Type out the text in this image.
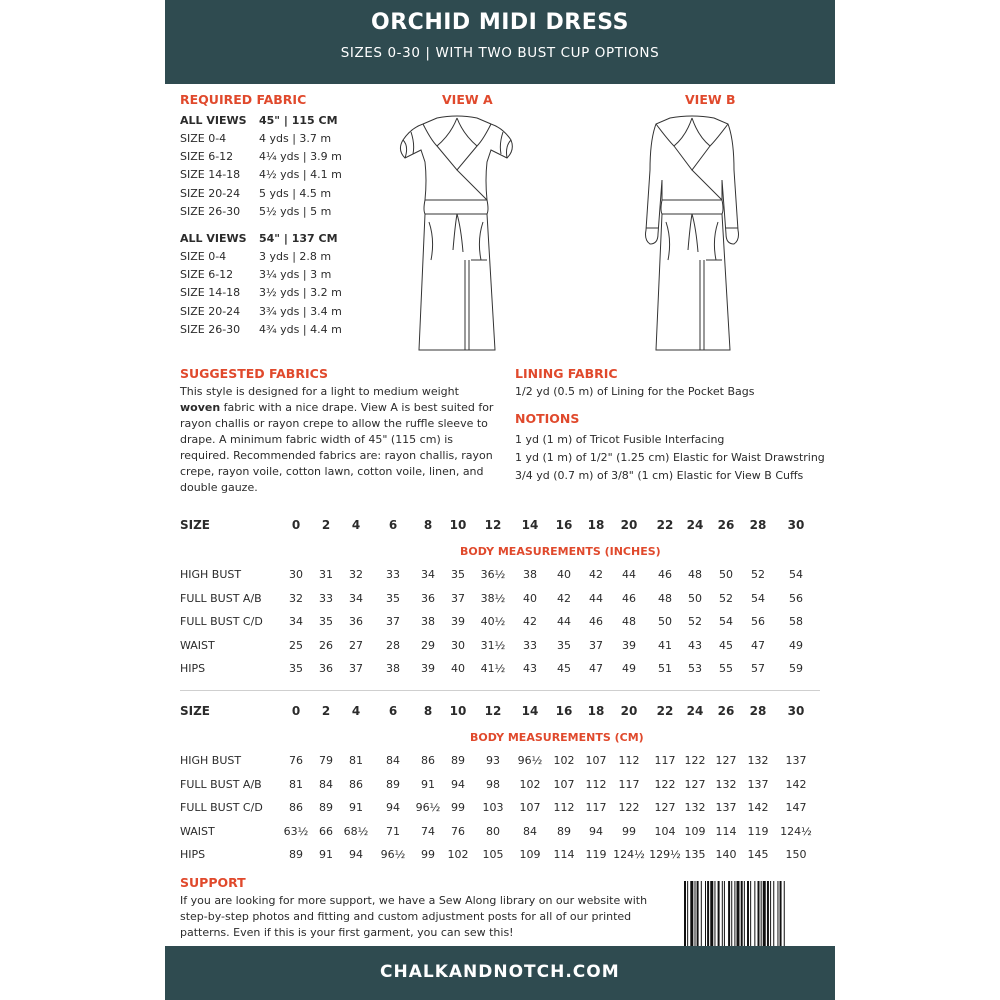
ORCHID MIDI DRESS
SIZES 0-30 | WITH TWO BUST CUP OPTIONS
REQUIRED FABRIC
ALL VIEWS 45" | 115 CM
SIZE 0-4	4 yds | 3.7 m
SIZE 6-12 4¼ yds | 3.9 m
SIZE 14-18 4½ yds | 4.1 m
SIZE 20-24 5 yds | 4.5 m
SIZE 26-30 5½ yds | 5 m
ALL VIEWS 54" | 137 CM
SIZE 0-4	3 yds | 2.8 m
SIZE 6-12 3¼ yds | 3 m
SIZE 14-18 3½ yds | 3.2 m
SIZE 20-24 3¾ yds | 3.4 m
SIZE 26-30 4¾ yds | 4.4 m
VIEW A	VIEW B
SUGGESTED FABRICS
This style is designed for a light to medium weight woven fabric with a nice drape. View A is best suited for rayon challis or rayon crepe to allow the ruffle sleeve to drape. A minimum fabric width of 45" (115 cm) is required. Recommended fabrics are: rayon challis, rayon crepe, rayon voile, cotton lawn, cotton voile, linen, and double gauze.
LINING FABRIC
1/2 yd (0.5 m) of Lining for the Pocket Bags
NOTIONS
1 yd (1 m) of Tricot Fusible Interfacing
1 yd (1 m) of 1/2" (1.25 cm) Elastic for Waist Drawstring
3/4 yd (0.7 m) of 3/8" (1 cm) Elastic for View B Cuffs
SIZE	0	2	4	6	8	10	12	14	16	18	20	22	24	26	28	30
BODY MEASUREMENTS (INCHES)
HIGH BUST	30	31	32	33	34	35	36½	38	40	42	44	46	48	50	52	54
FULL BUST A/B	32	33	34	35	36	37	38½	40	42	44	46	48	50	52	54	56
FULL BUST C/D	34	35	36	37	38	39	40½	42	44	46	48	50	52	54	56	58
WAIST	25	26	27	28	29	30	31½	33	35	37	39	41	43	45	47	49
HIPS	35	36	37	38	39	40	41½	43	45	47	49	51	53	55	57	59
SIZE	0	2	4	6	8	10	12	14	16	18	20	22	24	26	28	30
BODY MEASUREMENTS (CM)
HIGH BUST	76	79	81	84	86	89	93	96½	102	107	112	117 122 127	132	137
FULL BUST A/B	81	84	86	89	91	94	98	102	107	112	117	122 127 132	137	142
FULL BUST C/D	86	89	91	94	96½ 99	103	107	112	117	122	127 132 137	142	147
WAIST	63½ 66 68½	71	74	76	80	84	89	94	99	104 109 114	119	124½
HIPS	89	91	94	96½	99	102	105	109	114	119 124½ 129½ 135 140	145	150
SUPPORT
If you are looking for more support, we have a Sew Along library on our website with step-by-step photos and fitting and custom adjustment posts for all of our printed patterns. Even if this is your first garment, you can sew this!
CHALKANDNOTCH.COM
